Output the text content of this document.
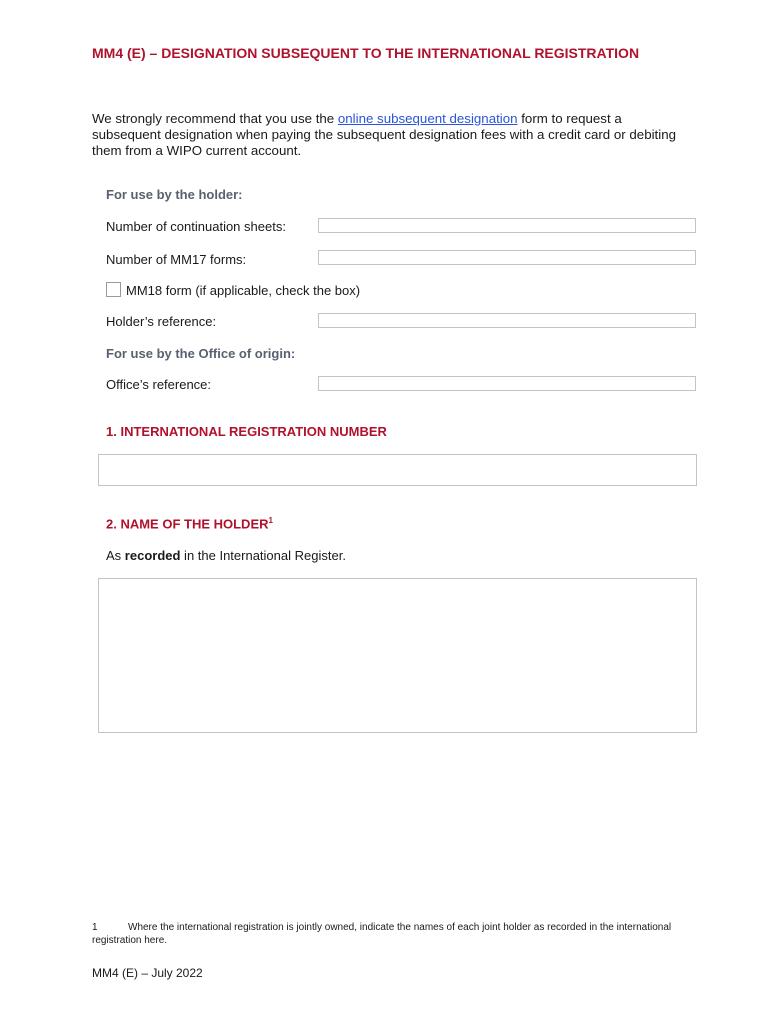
MM4 (E) – DESIGNATION SUBSEQUENT TO THE INTERNATIONAL REGISTRATION

We strongly recommend that you use the online subsequent designation form to request a subsequent designation when paying the subsequent designation fees with a credit card or debiting them from a WIPO current account.

For use by the holder:

Number of continuation sheets:

Number of MM17 forms:

MM18 form (if applicable, check the box)

Holder’s reference:

For use by the Office of origin:

Office’s reference:

1. INTERNATIONAL REGISTRATION NUMBER

2. NAME OF THE HOLDER$^1$

As recorded in the International Register.

1	Where the international registration is jointly owned, indicate the names of each joint holder as recorded in the international registration here.

MM4 (E) – July 2022
